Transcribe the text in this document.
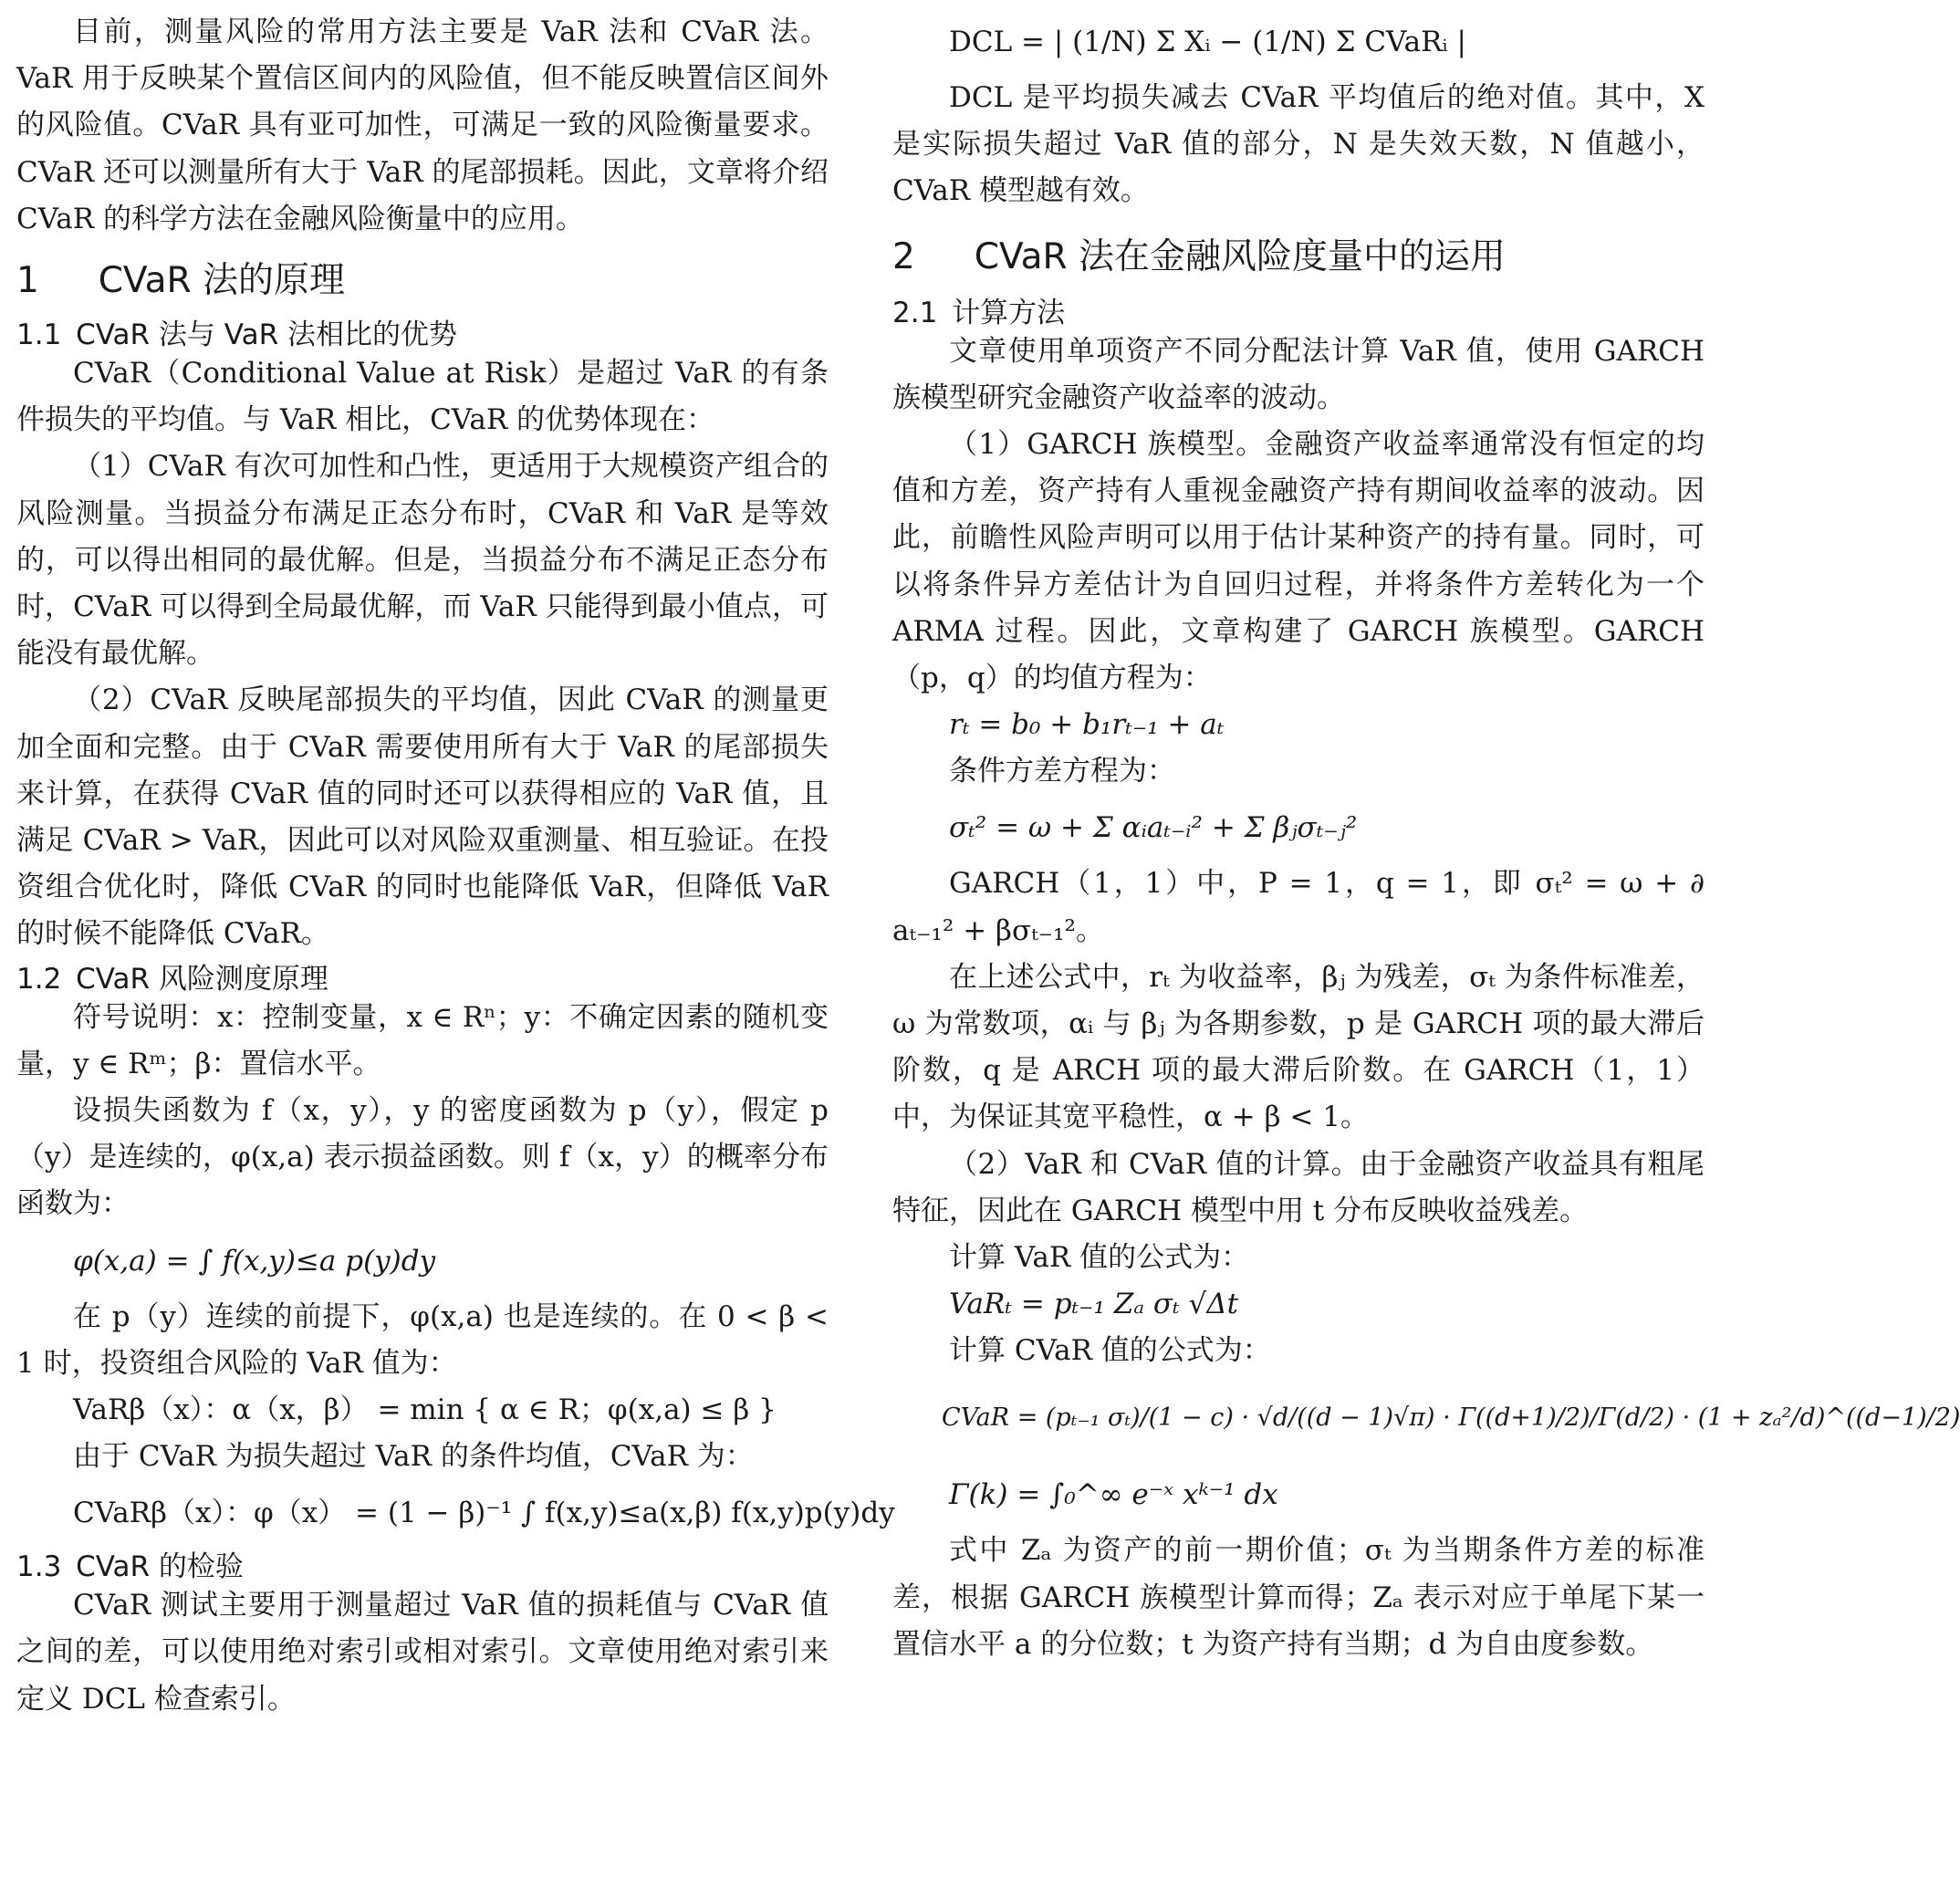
目前，测量风险的常用方法主要是 VaR 法和 CVaR 法。VaR 用于反映某个置信区间内的风险值，但不能反映置信区间外的风险值。CVaR 具有亚可加性，可满足一致的风险衡量要求。CVaR 还可以测量所有大于 VaR 的尾部损耗。因此，文章将介绍 CVaR 的科学方法在金融风险衡量中的应用。

1 CVaR 法的原理
1.1 CVaR 法与 VaR 法相比的优势

CVaR（Conditional Value at Risk）是超过 VaR 的有条件损失的平均值。与 VaR 相比，CVaR 的优势体现在：

（1）CVaR 有次可加性和凸性，更适用于大规模资产组合的风险测量。当损益分布满足正态分布时，CVaR 和 VaR 是等效的，可以得出相同的最优解。但是，当损益分布不满足正态分布时，CVaR 可以得到全局最优解，而 VaR 只能得到最小值点，可能没有最优解。

（2）CVaR 反映尾部损失的平均值，因此 CVaR 的测量更加全面和完整。由于 CVaR 需要使用所有大于 VaR 的尾部损失来计算，在获得 CVaR 值的同时还可以获得相应的 VaR 值，且满足 CVaR > VaR，因此可以对风险双重测量、相互验证。在投资组合优化时，降低 CVaR 的同时也能降低 VaR，但降低 VaR 的时候不能降低 CVaR。

1.2 CVaR 风险测度原理

符号说明：x：控制变量，x ∈ Rⁿ；y：不确定因素的随机变量，y ∈ Rᵐ；β：置信水平。

设损失函数为 f（x，y），y 的密度函数为 p（y），假定 p（y）是连续的，φ(x,a) 表示损益函数。则 f（x，y）的概率分布函数为：

φ(x,a) = ∫ f(x,y)≤a p(y)dy

在 p（y）连续的前提下，φ(x,a) 也是连续的。在 0 < β < 1 时，投资组合风险的 VaR 值为：

VaRβ（x）：α（x，β） = min { α ∈ R；φ(x,a) ≤ β }

由于 CVaR 为损失超过 VaR 的条件均值，CVaR 为：

CVaRβ（x）：φ（x） = (1 − β)⁻¹ ∫ f(x,y)≤a(x,β) f(x,y)p(y)dy

1.3 CVaR 的检验

CVaR 测试主要用于测量超过 VaR 值的损耗值与 CVaR 值之间的差，可以使用绝对索引或相对索引。文章使用绝对索引来定义 DCL 检查索引。

DCL = | (1/N) Σ Xᵢ − (1/N) Σ CVaRᵢ |

DCL 是平均损失减去 CVaR 平均值后的绝对值。其中，X 是实际损失超过 VaR 值的部分，N 是失效天数，N 值越小，CVaR 模型越有效。

2 CVaR 法在金融风险度量中的运用
2.1 计算方法

文章使用单项资产不同分配法计算 VaR 值，使用 GARCH 族模型研究金融资产收益率的波动。

（1）GARCH 族模型。金融资产收益率通常没有恒定的均值和方差，资产持有人重视金融资产持有期间收益率的波动。因此，前瞻性风险声明可以用于估计某种资产的持有量。同时，可以将条件异方差估计为自回归过程，并将条件方差转化为一个 ARMA 过程。因此，文章构建了 GARCH 族模型。GARCH（p，q）的均值方程为：

rₜ = b₀ + b₁rₜ₋₁ + aₜ

条件方差方程为：

σₜ² = ω + Σ αᵢaₜ₋ᵢ² + Σ βⱼσₜ₋ⱼ²

GARCH（1，1）中，P = 1，q = 1，即 σₜ² = ω + ∂ aₜ₋₁² + βσₜ₋₁²。

在上述公式中，rₜ 为收益率，βⱼ 为残差，σₜ 为条件标准差，ω 为常数项，αᵢ 与 βⱼ 为各期参数，p 是 GARCH 项的最大滞后阶数，q 是 ARCH 项的最大滞后阶数。在 GARCH（1，1）中，为保证其宽平稳性，α + β < 1。

（2）VaR 和 CVaR 值的计算。由于金融资产收益具有粗尾特征，因此在 GARCH 模型中用 t 分布反映收益残差。

计算 VaR 值的公式为：

VaRₜ = pₜ₋₁ Zₐ σₜ √Δt

计算 CVaR 值的公式为：

CVaR = (pₜ₋₁ σₜ)/(1 − c) · √d/((d − 1)√π) · Γ((d+1)/2)/Γ(d/2) · (1 + zₐ²/d)^((d−1)/2)

Γ(k) = ∫₀^∞ e⁻ˣ xᵏ⁻¹ dx

式中 Zₐ 为资产的前一期价值；σₜ 为当期条件方差的标准差，根据 GARCH 族模型计算而得；Zₐ 表示对应于单尾下某一置信水平 a 的分位数；t 为资产持有当期；d 为自由度参数。
